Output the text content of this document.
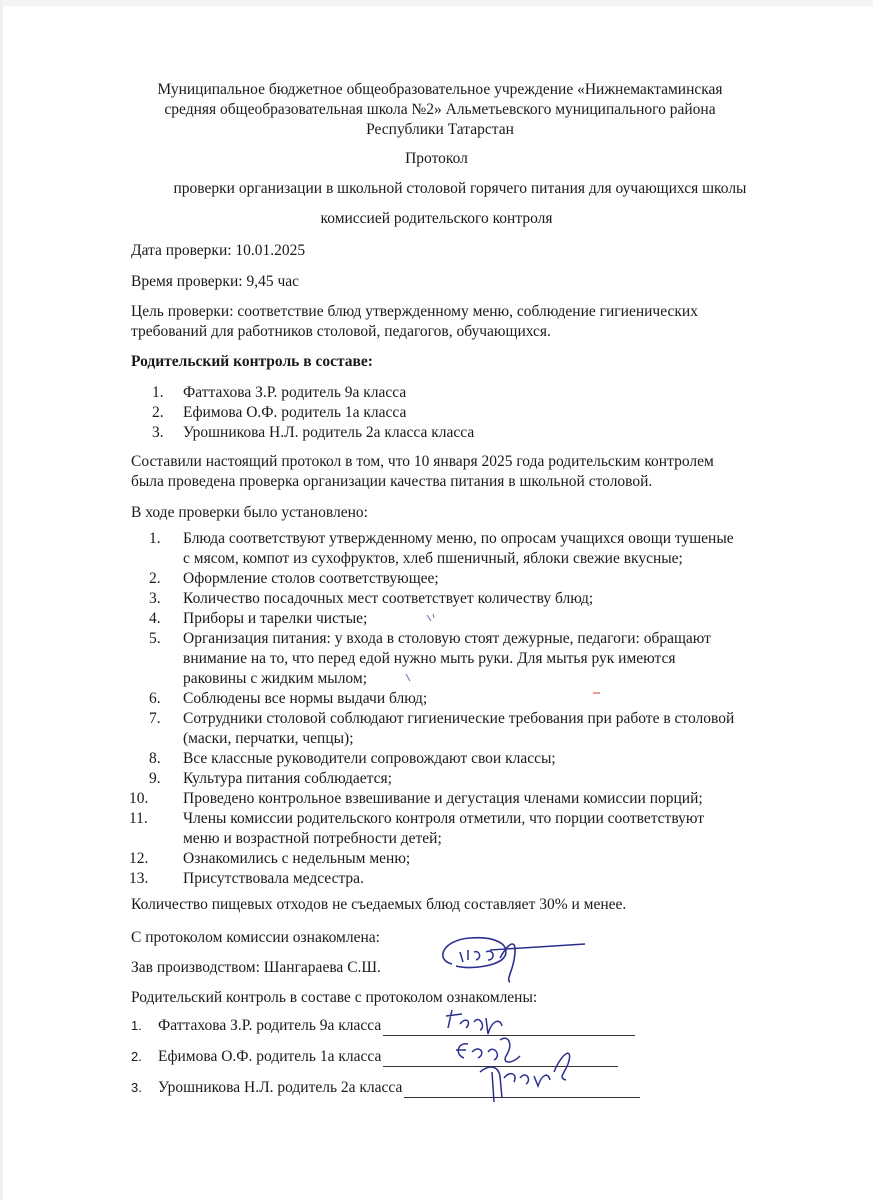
Муниципальное бюджетное общеобразовательное учреждение «Нижнемактаминская
средняя общеобразовательная школа №2» Альметьевского муниципального района
Республики Татарстан
Протокол
проверки организации в школьной столовой горячего питания для оучающихся школы
комиссией родительского контроля
Дата проверки: 10.01.2025
Время проверки: 9,45 час
Цель проверки: соответствие блюд утвержденному меню, соблюдение гигиенических
требований для работников столовой, педагогов, обучающихся.
Родительский контроль в составе:
1. Фаттахова З.Р. родитель 9а класса
2. Ефимова О.Ф. родитель 1а класса
3. Урошникова Н.Л. родитель 2а класса класса
Составили настоящий протокол в том, что 10 января 2025 года родительским контролем
была проведена проверка организации качества питания в школьной столовой.
В ходе проверки было установлено:
1. Блюда соответствуют утвержденному меню, по опросам учащихся овощи тушеные
с мясом, компот из сухофруктов, хлеб пшеничный, яблоки свежие вкусные;
2. Оформление столов соответствующее;
3. Количество посадочных мест соответствует количеству блюд;
4. Приборы и тарелки чистые;
5. Организация питания: у входа в столовую стоят дежурные, педагоги: обращают
внимание на то, что перед едой нужно мыть руки. Для мытья рук имеются
раковины с жидким мылом;
6. Соблюдены все нормы выдачи блюд;
7. Сотрудники столовой соблюдают гигиенические требования при работе в столовой
(маски, перчатки, чепцы);
8. Все классные руководители сопровождают свои классы;
9. Культура питания соблюдается;
10. Проведено контрольное взвешивание и дегустация членами комиссии порций;
11. Члены комиссии родительского контроля отметили, что порции соответствуют
меню и возрастной потребности детей;
12. Ознакомились с недельным меню;
13. Присутствовала медсестра.
Количество пищевых отходов не съедаемых блюд составляет 30% и менее.
С протоколом комиссии ознакомлена:
Зав производством: Шангараева С.Ш.
Родительский контроль в составе с протоколом ознакомлены:
1.	Фаттахова З.Р. родитель 9а класса
2.	Ефимова О.Ф. родитель 1а класса
3.	Урошникова Н.Л. родитель 2а класса
